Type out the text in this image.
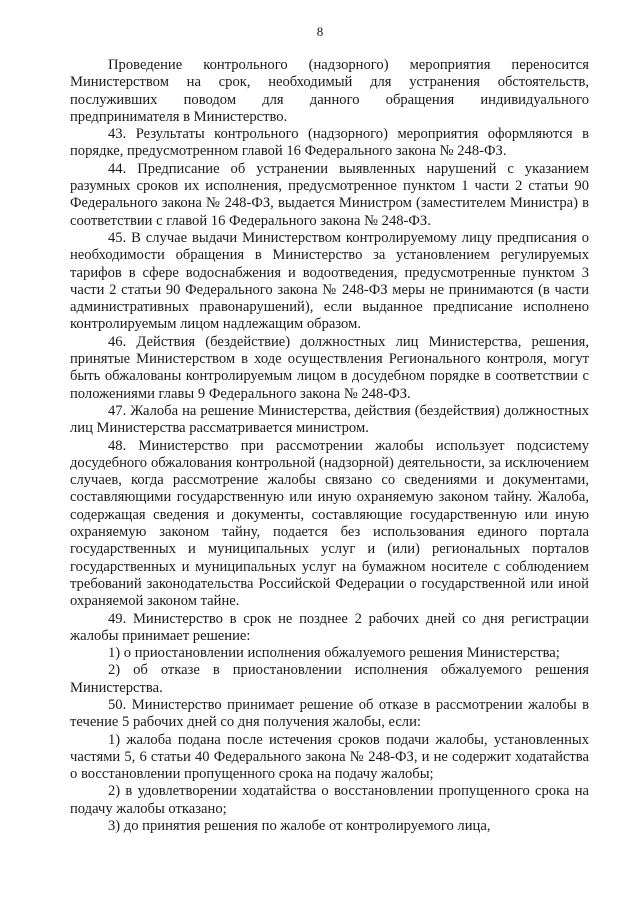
8

Проведение контрольного (надзорного) мероприятия переносится Министерством на срок, необходимый для устранения обстоятельств, послуживших поводом для данного обращения индивидуального предпринимателя в Министерство.

43. Результаты контрольного (надзорного) мероприятия оформляются в порядке, предусмотренном главой 16 Федерального закона № 248-ФЗ.

44. Предписание об устранении выявленных нарушений с указанием разумных сроков их исполнения, предусмотренное пунктом 1 части 2 статьи 90 Федерального закона № 248-ФЗ, выдается Министром (заместителем Министра) в соответствии с главой 16 Федерального закона № 248-ФЗ.

45. В случае выдачи Министерством контролируемому лицу предписания о необходимости обращения в Министерство за установлением регулируемых тарифов в сфере водоснабжения и водоотведения, предусмотренные пунктом 3 части 2 статьи 90 Федерального закона № 248-ФЗ меры не принимаются (в части административных правонарушений), если выданное предписание исполнено контролируемым лицом надлежащим образом.

46. Действия (бездействие) должностных лиц Министерства, решения, принятые Министерством в ходе осуществления Регионального контроля, могут быть обжалованы контролируемым лицом в досудебном порядке в соответствии с положениями главы 9 Федерального закона № 248-ФЗ.

47. Жалоба на решение Министерства, действия (бездействия) должностных лиц Министерства рассматривается министром.

48. Министерство при рассмотрении жалобы использует подсистему досудебного обжалования контрольной (надзорной) деятельности, за исключением случаев, когда рассмотрение жалобы связано со сведениями и документами, составляющими государственную или иную охраняемую законом тайну. Жалоба, содержащая сведения и документы, составляющие государственную или иную охраняемую законом тайну, подается без использования единого портала государственных и муниципальных услуг и (или) региональных порталов государственных и муниципальных услуг на бумажном носителе с соблюдением требований законодательства Российской Федерации о государственной или иной охраняемой законом тайне.

49. Министерство в срок не позднее 2 рабочих дней со дня регистрации жалобы принимает решение:

1) о приостановлении исполнения обжалуемого решения Министерства;

2) об отказе в приостановлении исполнения обжалуемого решения Министерства.

50. Министерство принимает решение об отказе в рассмотрении жалобы в течение 5 рабочих дней со дня получения жалобы, если:

1) жалоба подана после истечения сроков подачи жалобы, установленных частями 5, 6 статьи 40 Федерального закона № 248-ФЗ, и не содержит ходатайства о восстановлении пропущенного срока на подачу жалобы;

2) в удовлетворении ходатайства о восстановлении пропущенного срока на подачу жалобы отказано;

3) до принятия решения по жалобе от контролируемого лица,
